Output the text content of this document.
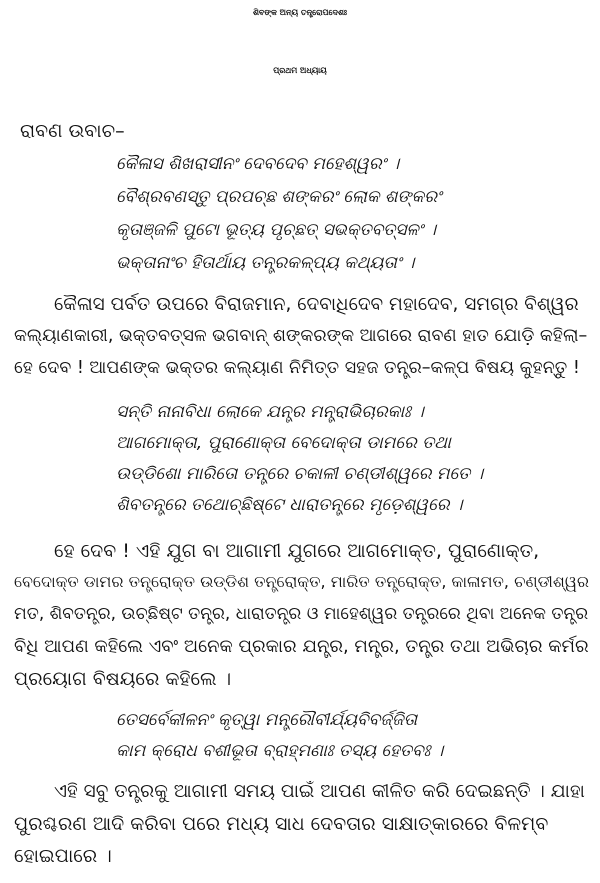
ଶିବଙ୍କ ଅନ୍ୟ ତନ୍ତ୍ରୋପଦେଶଃ
ପ୍ରଥମ ଅଧ୍ୟାୟ
ରାବଣ ଉବାଚ–
କୈଳାସ ଶିଖରାସୀନଂ ଦେବଦେବ ମହେଶ୍ୱରଂ ।
ବୈଶ୍ରବଣସ୍ତୁ ପ୍ରପଚ୍ଛ ଶଙ୍କରଂ ଲୋକ ଶଙ୍କରଂ
କୃତାଞ୍ଜଳି ପୁଟୋ ଭୂତ୍ୟ ପୃଚ୍ଛତ୍ ସଭକ୍ତବତ୍ସଳଂ ।
ଭକ୍ତାନାଂଚ ହିତାର୍ଥାୟ ତନ୍ତ୍ରକଳ୍ପ୍ୟ କଥ୍ୟତାଂ ।
କୈଳାସ ପର୍ବତ ଉପରେ ବିରାଜମାନ, ଦେବାଧିଦେବ ମହାଦେବ, ସମଗ୍ର ବିଶ୍ୱର
କଲ୍ୟାଣକାରୀ, ଭକ୍ତବତ୍ସଳ ଭଗବାନ୍ ଶଙ୍କରଙ୍କ ଆଗରେ ରାବଣ ହାତ ଯୋଡ଼ି କହିଲା–
ହେ ଦେବ ! ଆପଣଙ୍କ ଭକ୍ତର କଲ୍ୟାଣ ନିମିତ୍ତ ସହଜ ତନ୍ତ୍ର–କଳ୍ପ ବିଷୟ କୁହନ୍ତୁ !
ସନ୍ତି ନାନାବିଧା ଲୋକେ ଯନ୍ତ୍ର ମନ୍ତ୍ରାଭିଚାରକାଃ ।
ଆଗମୋକ୍ତା, ପୁରାଣୋକ୍ତା ବେଦୋକ୍ତା ଡାମରେ ତଥା
ଉଡ୍ଡିଶୋ ମାରିତୋ ତନ୍ତ୍ରେ ଚକାଳୀ ଚଣ୍ଡୀଶ୍ୱରେ ମତେ ।
ଶିବତନ୍ତ୍ରେ ତଥୋଚ୍ଛିଷ୍ଟେ ଧାରାତନ୍ତ୍ରେ ମୃଡ଼େଶ୍ୱରେ ।
ହେ ଦେବ ! ଏହି ଯୁଗ ବା ଆଗାମୀ ଯୁଗରେ ଆଗମୋକ୍ତ, ପୁରାଣୋକ୍ତ,
ବେଦୋକ୍ତ ଡାମର ତନ୍ତ୍ରୋକ୍ତ ଉଡ୍ଡିଶ ତନ୍ତ୍ରୋକ୍ତ, ମାରିତ ତନ୍ତ୍ରୋକ୍ତ, କାଳାମତ, ଚଣ୍ଡୀଶ୍ୱର
ମତ, ଶିବତନ୍ତ୍ର, ଉଚ୍ଛିଷ୍ଟ ତନ୍ତ୍ର, ଧାରାତନ୍ତ୍ର ଓ ମାହେଶ୍ୱର ତନ୍ତ୍ରରେ ଥିବା ଅନେକ ତନ୍ତ୍ର
ବିଧି ଆପଣ କହିଲେ ଏବଂ ଅନେକ ପ୍ରକାର ଯନ୍ତ୍ର, ମନ୍ତ୍ର, ତନ୍ତ୍ର ତଥା ଅଭିଚାର କର୍ମର
ପ୍ରୟୋଗ ବିଷୟରେ କହିଲେ ।
ତେସର୍ବେକୀଳନଂ କୃତ୍ୱା ମନ୍ତ୍ରୌବୀର୍ଯ୍ୟବିବର୍ଜ୍ଜିତା
କାମ କ୍ରୋଧ ବଶୀଭୂତା ବ୍ରାହ୍ମଣାଃ ତସ୍ୟ ହେତବଃ ।
ଏହି ସବୁ ତନ୍ତ୍ରକୁ ଆଗାମୀ ସମୟ ପାଇଁ ଆପଣ କୀଳିତ କରି ଦେଇଛନ୍ତି । ଯାହା
ପୁରଶ୍ଚରଣ ଆଦି କରିବା ପରେ ମଧ୍ୟ ସାଧ ଦେବତାର ସାକ୍ଷାତ୍କାରରେ ବିଳମ୍ବ
ହୋଇପାରେ ।
